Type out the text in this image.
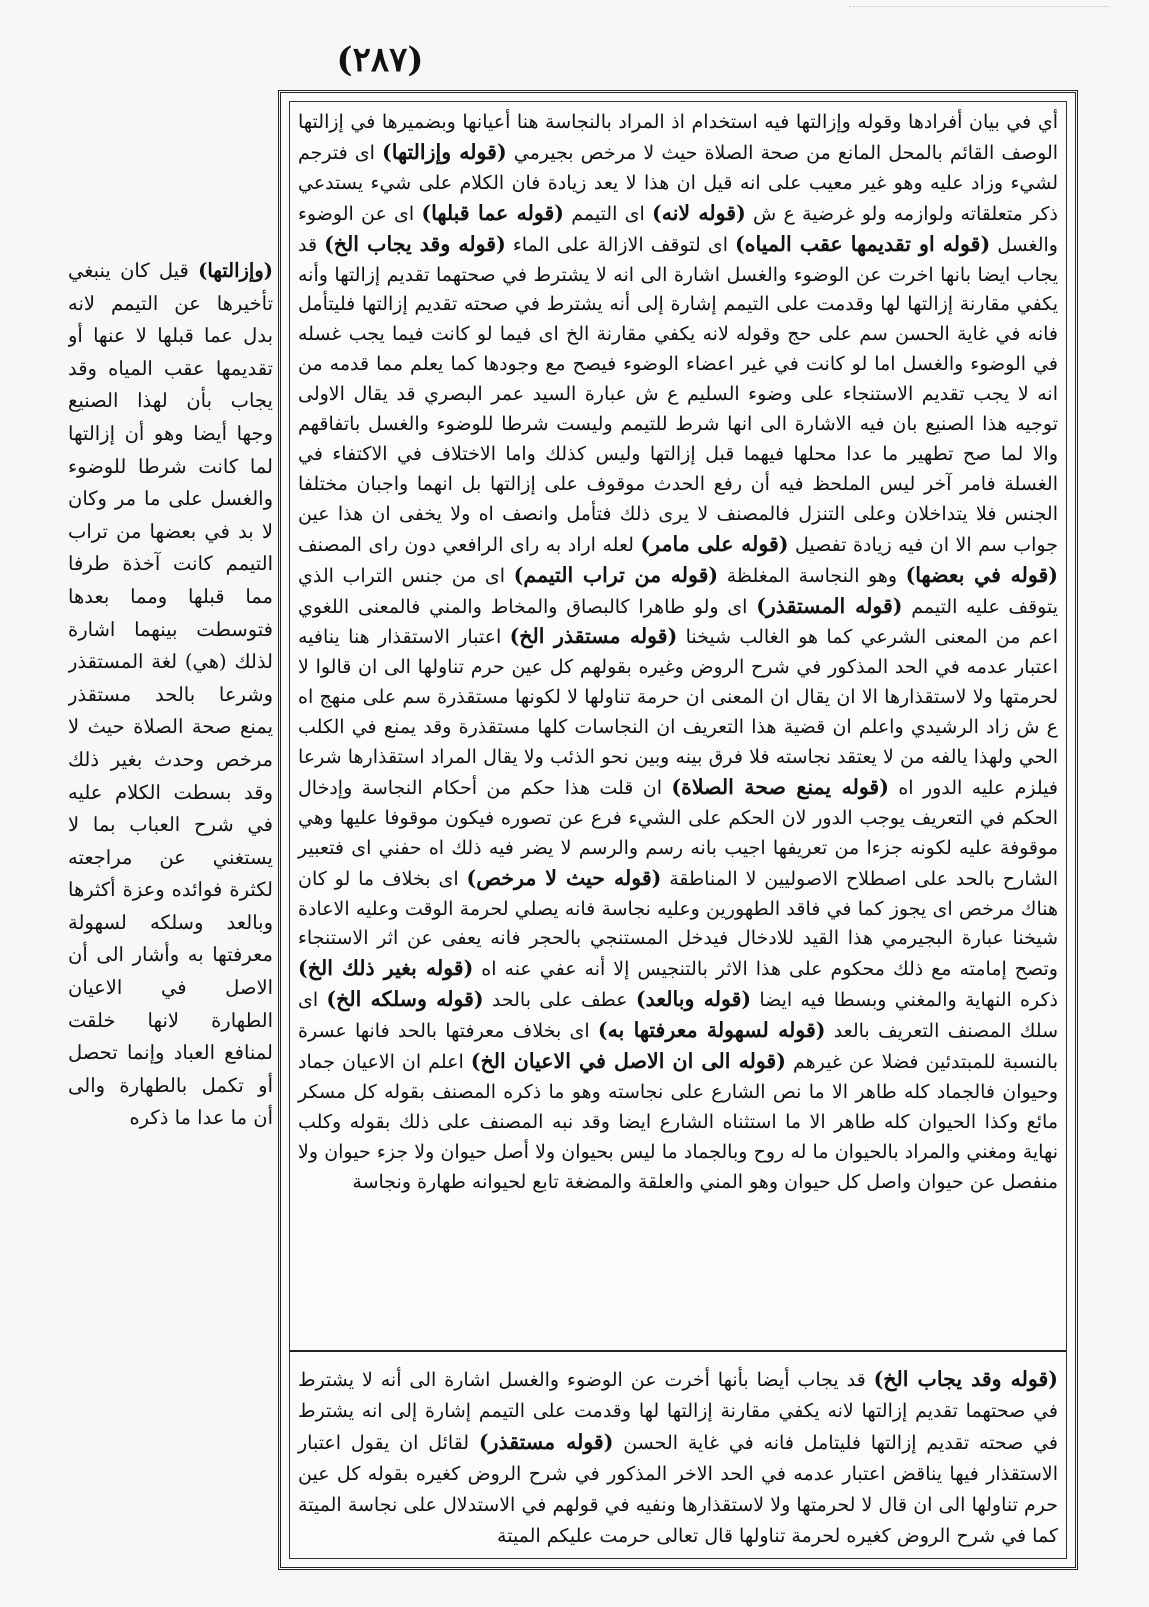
(٢٨٧)

أي في بيان أفرادها وقوله وإزالتها فيه استخدام اذ المراد بالنجاسة هنا أعيانها وبضميرها في إزالتها الوصف القائم بالمحل المانع من صحة الصلاة حيث لا مرخص بجيرمي (قوله وإزالتها) اى فترجم لشيء وزاد عليه وهو غير معيب على انه قيل ان هذا لا يعد زيادة فان الكلام على شيء يستدعي ذكر متعلقاته ولوازمه ولو غرضية ع ش (قوله لانه) اى التيمم (قوله عما قبلها) اى عن الوضوء والغسل (قوله او تقديمها عقب المياه) اى لتوقف الازالة على الماء (قوله وقد يجاب الخ) قد يجاب ايضا بانها اخرت عن الوضوء والغسل اشارة الى انه لا يشترط في صحتهما تقديم إزالتها وأنه يكفي مقارنة إزالتها لها وقدمت على التيمم إشارة إلى أنه يشترط في صحته تقديم إزالتها فليتأمل فانه في غاية الحسن سم على حج وقوله لانه يكفي مقارنة الخ اى فيما لو كانت فيما يجب غسله في الوضوء والغسل اما لو كانت في غير اعضاء الوضوء فيصح مع وجودها كما يعلم مما قدمه من انه لا يجب تقديم الاستنجاء على وضوء السليم ع ش عبارة السيد عمر البصري قد يقال الاولى توجيه هذا الصنيع بان فيه الاشارة الى انها شرط للتيمم وليست شرطا للوضوء والغسل باتفاقهم والا لما صح تطهير ما عدا محلها فيهما قبل إزالتها وليس كذلك واما الاختلاف في الاكتفاء في الغسلة فامر آخر ليس الملحظ فيه أن رفع الحدث موقوف على إزالتها بل انهما واجبان مختلفا الجنس فلا يتداخلان وعلى التنزل فالمصنف لا يرى ذلك فتأمل وانصف اه ولا يخفى ان هذا عين جواب سم الا ان فيه زيادة تفصيل (قوله على مامر) لعله اراد به راى الرافعي دون راى المصنف (قوله في بعضها) وهو النجاسة المغلظة (قوله من تراب التيمم) اى من جنس التراب الذي يتوقف عليه التيمم (قوله المستقذر) اى ولو طاهرا كالبصاق والمخاط والمني فالمعنى اللغوي اعم من المعنى الشرعي كما هو الغالب شيخنا (قوله مستقذر الخ) اعتبار الاستقذار هنا ينافيه اعتبار عدمه في الحد المذكور في شرح الروض وغيره بقولهم كل عين حرم تناولها الى ان قالوا لا لحرمتها ولا لاستقذارها الا ان يقال ان المعنى ان حرمة تناولها لا لكونها مستقذرة سم على منهج اه ع ش زاد الرشيدي واعلم ان قضية هذا التعريف ان النجاسات كلها مستقذرة وقد يمنع في الكلب الحي ولهذا يالفه من لا يعتقد نجاسته فلا فرق بينه وبين نحو الذئب ولا يقال المراد استقذارها شرعا فيلزم عليه الدور اه (قوله يمنع صحة الصلاة) ان قلت هذا حكم من أحكام النجاسة وإدخال الحكم في التعريف يوجب الدور لان الحكم على الشيء فرع عن تصوره فيكون موقوفا عليها وهي موقوفة عليه لكونه جزءا من تعريفها اجيب بانه رسم والرسم لا يضر فيه ذلك اه حفني اى فتعبير الشارح بالحد على اصطلاح الاصوليين لا المناطقة (قوله حيث لا مرخص) اى بخلاف ما لو كان هناك مرخص اى يجوز كما في فاقد الطهورين وعليه نجاسة فانه يصلي لحرمة الوقت وعليه الاعادة شيخنا عبارة البجيرمي هذا القيد للادخال فيدخل المستنجي بالحجر فانه يعفى عن اثر الاستنجاء وتصح إمامته مع ذلك محكوم على هذا الاثر بالتنجيس إلا أنه عفي عنه اه (قوله بغير ذلك الخ) ذكره النهاية والمغني وبسطا فيه ايضا (قوله وبالعد) عطف على بالحد (قوله وسلكه الخ) اى سلك المصنف التعريف بالعد (قوله لسهولة معرفتها به) اى بخلاف معرفتها بالحد فانها عسرة بالنسبة للمبتدئين فضلا عن غيرهم (قوله الى ان الاصل في الاعيان الخ) اعلم ان الاعيان جماد وحيوان فالجماد كله طاهر الا ما نص الشارع على نجاسته وهو ما ذكره المصنف بقوله كل مسكر مائع وكذا الحيوان كله طاهر الا ما استثناه الشارع ايضا وقد نبه المصنف على ذلك بقوله وكلب نهاية ومغني والمراد بالحيوان ما له روح وبالجماد ما ليس بحيوان ولا أصل حيوان ولا جزء حيوان ولا منفصل عن حيوان واصل كل حيوان وهو المني والعلقة والمضغة تابع لحيوانه طهارة ونجاسة

(قوله وقد يجاب الخ) قد يجاب أيضا بأنها أخرت عن الوضوء والغسل اشارة الى أنه لا يشترط في صحتهما تقديم إزالتها لانه يكفي مقارنة إزالتها لها وقدمت على التيمم إشارة إلى انه يشترط في صحته تقديم إزالتها فليتامل فانه في غاية الحسن (قوله مستقذر) لقائل ان يقول اعتبار الاستقذار فيها يناقض اعتبار عدمه في الحد الاخر المذكور في شرح الروض كغيره بقوله كل عين حرم تناولها الى ان قال لا لحرمتها ولا لاستقذارها ونفيه في قولهم في الاستدلال على نجاسة الميتة كما في شرح الروض كغيره لحرمة تناولها قال تعالى حرمت عليكم الميتة

(وإزالتها) قيل كان ينبغي تأخيرها عن التيمم لانه بدل عما قبلها لا عنها أو تقديمها عقب المياه وقد يجاب بأن لهذا الصنيع وجها أيضا وهو أن إزالتها لما كانت شرطا للوضوء والغسل على ما مر وكان لا بد في بعضها من تراب التيمم كانت آخذة طرفا مما قبلها ومما بعدها فتوسطت بينهما اشارة لذلك (هي) لغة المستقذر وشرعا بالحد مستقذر يمنع صحة الصلاة حيث لا مرخص وحدث بغير ذلك وقد بسطت الكلام عليه في شرح العباب بما لا يستغني عن مراجعته لكثرة فوائده وعزة أكثرها وبالعد وسلكه لسهولة معرفتها به وأشار الى أن الاصل في الاعيان الطهارة لانها خلقت لمنافع العباد وإنما تحصل أو تكمل بالطهارة والى أن ما عدا ما ذكره
